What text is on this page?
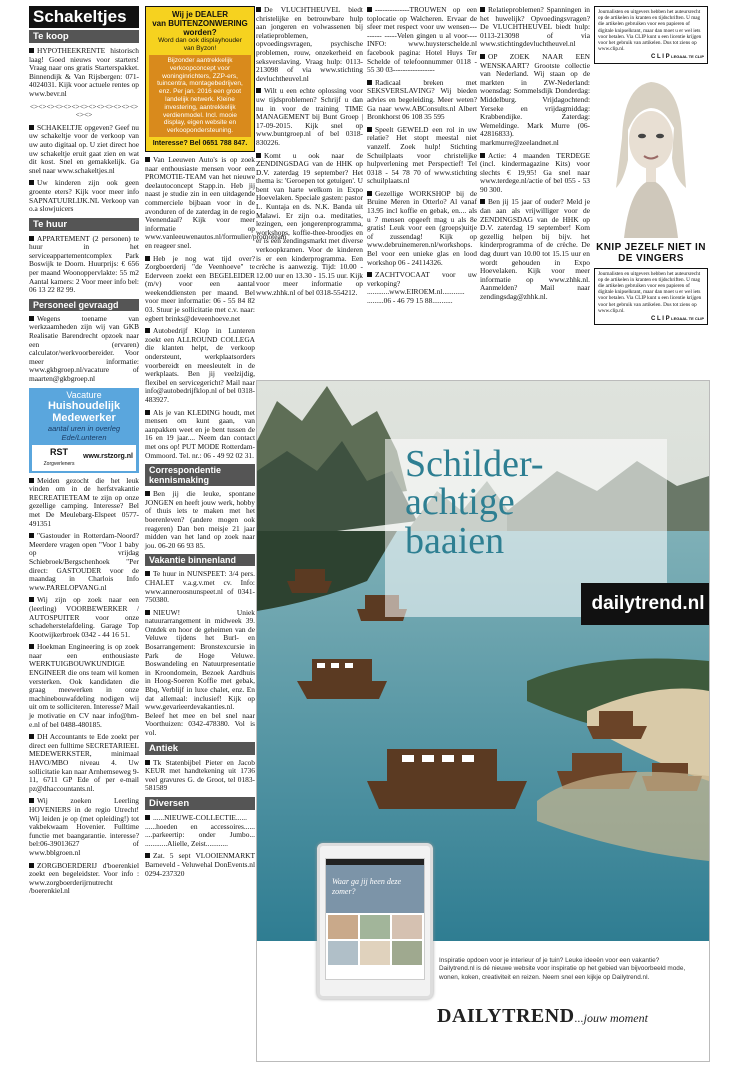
Schakeltjes
Te koop

HYPOTHEEKRENTE historisch laag! Goed nieuws voor starters! Vraag naar ons gratis Starterspakket. Binnendijk & Van Rijsbergen: 071-4024031. Kijk voor actuele rentes op www.bevr.nl

<><><><><><><><><><><><><><><>

SCHAKELTJE opgeven? Geef nu uw schakeltje voor de verkoop van uw auto digitaal op. U ziet direct hoe uw schakeltje eruit gaat zien en wat dit kost. Snel en gemakkelijk. Ga snel naar www.schakeltjes.nl

Uw kinderen zijn ook geen groente eters? Kijk voor meer info SAPNATUURLIJK.NL Verkoop van o.a slowjuicers

Te huur

APPARTEMENT (2 personen) te huur in het serviceappartementcomplex Park Boswijk te Doorn. Huurprijs: € 656 per maand Woonoppervlakte: 55 m2 Aantal kamers: 2 Voor meer info bel: 06 13 22 82 99.

Personeel gevraagd

Wegens toename van werkzaamheden zijn wij van GKB Realisatie Barendrecht opzoek naar een (ervaren) calculator/werkvoorbereider. Voor meer informatie: www.gkbgroep.nl/vacature of maarten@gkbgroep.nl

Vacature
Huishoudelijk
Medewerker
aantal uren in overleg
Ede/Lunteren
RST Zorgverleners
www.rstzorg.nl

Meiden gezocht die het leuk vinden om in de herfstvakantie RECREATIETEAM te zijn op onze gezellige camping. Interesse? Bel met De Meulebarg-Elspeet 0577-491351

"Gastouder in Rotterdam-Noord? Meerdere vragen open "Voor 1 baby op vrijdag Schiebroek/Bergschenhoek "Per direct: GASTOUDER voor de maandag in Charlois Info www.PARELOPVANG.nl

Wij zijn op zoek naar een (leerling) VOORBEWERKER / AUTOSPUITER voor onze schadeherstelafdeling. Garage Top Kootwijkerbroek 0342 - 44 16 51.

Hoekman Engineering is op zoek naar een enthousiaste WERKTUIGBOUWKUNDIGE ENGINEER die ons team wil komen versterken. Ook kandidaten die graag meewerken in onze machinebouwafdeling nodigen wij uit om te solliciteren. Interesse? Mail je motivatie en CV naar info@hm-e.nl of bel 0488-480185.

DH Accountants te Ede zoekt per direct een fulltime SECRETARIEEL MEDEWERKSTER, minimaal HAVO/MBO niveau 4. Uw sollicitatie kan naar Arnhemseweg 9-11, 6711 GP Ede of per e-mail pz@dhaccountants.nl.

Wij zoeken Leerling HOVENIERS in de regio Utrecht! Wij leiden je op (met opleiding!) tot vakbekwaam Hovenier. Fulltime functie met baangarantie. interesse? bel:06-39013627 of www.bblgroen.nl

ZORGBOERDERIJ d'boerenkiel zoekt een begeleidster. Voor info : www.zorgboerderijrnutrecht /boerenkiel.nl

Wij je DEALER
van BUITENZONWERING
worden?
Word dan ook displayhouder
van Byzon!
Bijzonder aantrekkelijk verkoopconcept voor woninginrichters, ZZP-ers, tuincentra, montagebedrijven, enz. Per jan. 2016 een groot landelijk netwerk. Kleine investering, aantrekkelijk verdienmodel. Incl. mooie display, eigen website en verkoopondersteuning.
Interesse? Bel 0651 788 847.

Van Leeuwen Auto's is op zoek naar enthousiaste mensen voor een PROMOTIE-TEAM van het nieuwe deelautoconcept Stapp.in. Heb jij naast je studie zin in een uitdagende commerciele bijbaan voor in de avonduren of de zaterdag in de regio Veenendaal? Kijk voor meer informatie op www.vanleeuwenautos.nl/formulier/promoteam en reageer snel.

Heb je nog wat tijd over? Zorgboerderij "de Veenhoeve" te Ederveen zoekt een BEGELEIDER (m/v) voor een aantal weekenddiensten per maand. Bel voor meer informatie: 06 - 55 84 82 03. Stuur je sollicitatie met c.v. naar: egbert brinks@deveenhoeve.net

Autobedrijf Klop in Lunteren zoekt een ALLROUND COLLEGA die klanten helpt, de verkoop ondersteunt, werkplaatsorders voorbereidt en meesleutelt in de werkplaats. Ben jij veelzijdig, flexibel en servicegericht? Mail naar info@autobedrijfklop.nl of bel 0318-483927.

Als je van KLEDING houdt, met mensen om kunt gaan, van aanpakken weet en je bent tussen de 16 en 19 jaar.... Neem dan contact met ons op! PUT MODE Rotterdam-Ommoord. Tel. nr.: 06 - 49 92 02 31.

Correspondentie kennismaking

Ben jij die leuke, spontane JONGEN en heeft jouw werk, hobby of thuis iets te maken met het boerenleven? (andere mogen ook reageren) Dan ben meisje 21 jaar midden van het land op zoek naar jou. 06-20 66 93 85.

Vakantie binnenland

Te huur in NUNSPEET: 3/4 pers. CHALET v.a.g.v.met cv. Info: www.anneroosnunspeet.nl of 0341-750380.

NIEUW! Uniek natuurarrangement in midweek 39. Ontdek en hoor de geheimen van de Veluwe tijdens het Burl- en Bosarrangement: Bronstexcursie in Park de Hoge Veluwe. Boswandeling en Natuurpresentatie in Kroondomein, Bezoek Aardhuis in Hoog-Soeren Koffie met gebak, Bbq, Verblijf in luxe chalet, enz. En dat allemaal: inclusief! Kijk op www.gevarieerdevakanties.nl. Beleef het mee en bel snel naar Voorthuizen: 0342-478380. Vol is vol.

Antiek

Tk Statenbijbel Pieter en Jacob KEUR met handtekening uit 1736 veel gravures G. de Groot, tel 0183-581589

Diversen

......NIEUWE-COLLECTIE...... ......hoeden en accessoires...... ....parkeertip: onder Jumbo... ............Alielle, Zeist............

Zat. 5 sept VLOOIENMARKT Barneveld - Veluwehal DonEvents.nl 0294-237320

De VLUCHTHEUVEL biedt christelijke en betrouwbare hulp aan jongeren en volwassenen bij relatieproblemen, opvoedingsvragen, psychische problemen, rouw, onzekerheid en seksverslaving. Vraag hulp: 0113-213098 of via www.stichting devluchtheuvel.nl

Wilt u een echte oplossing voor uw tijdsproblemen? Schrijf u dan nu in voor de training TIME MANAGEMENT bij Bunt Groep | 17-09-2015. Kijk snel op www.buntgroep.nl of bel 0318-830226.

Komt u ook naar de ZENDINGSDAG van de HHK op D.V. zaterdag 19 september? Het thema is: 'Geroepen tot getuigen'. U bent van harte welkom in Expo Hoevelaken. Speciale gasten: pastor L. Kuntaja en ds. N.K. Banda uit Malawi. Er zijn o.a. meditaties, lezingen, een jongerenprogramma, workshops, koffie-thee-broodjes en er is een zendingsmarkt met diverse verkoopkramen. Voor de kinderen is er een kinderprogramma. Een crèche is aanwezig. Tijd: 10.00 - 12.00 uur en 13.30 - 15.15 uur. Kijk voor meer informatie op www.zhhk.nl of bel 0318-554212.

--------------TROUWEN op een toplocatie op Walcheren. Ervaar de sfeer met respect voor uw wensen--------- -----Velen gingen u al voor---- INFO: www.huysterschelde.nl facebook pagina: Hotel Huys Ter Schelde of telefoonnummer 0118 - 55 30 03-----------------

Radicaal breken met SEKSVERSLAVING? Wij bieden advies en begeleiding. Meer weten? Ga naar www.ABConsults.nl Albert Bronkhorst 06 108 35 595

Speelt GEWELD een rol in uw relatie? Het stopt meestal niet vanzelf. Zoek hulp! Stichting Schuilplaats voor christelijke hulpverlening met Perspectief! Tel 0318 - 54 78 70 of www.stichting schuilplaats.nl

Gezellige WORKSHOP bij de Bruine Meren in Otterlo? Al vanaf 13.95 incl koffie en gebak, en.... als u 7 mensen opgeeft mag u als 8e gratis! Leuk voor een (groeps)uitje of zussendag! Kijk op www.debruinemeren.nl/workshops. Bel voor een unieke glas en lood workshop 06 - 24114326.

ZACHTVOCAAT voor uw verkoping? ............www.EIROEM.nl............ .........06 - 46 79 15 88...........

Relatieproblemen? Spanningen in het huwelijk? Opvoedingsvragen? De VLUCHTHEUVEL biedt hulp: 0113-213098 of via www.stichtingdevluchtheuvel.nl

OP ZOEK NAAR EEN WENSKAART? Grootste collectie van Nederland. Wij staan op de markten in ZW-Nederland: woensdag: Sommelsdijk Donderdag: Middelburg. Vrijdagochtend: Yerseke en vrijdagmiddag: Krabbendijke. Zaterdag: Wemeldinge. Mark Murre (06-42816833). markmurre@zeelandnet.nl

Actie: 4 maanden TERDEGE (incl. kindermagazine Kits) voor slechts € 19,95! Ga snel naar www.terdege.nl/actie of bel 055 - 53 90 300.

Ben jij 15 jaar of ouder? Meld je dan aan als vrijwilliger voor de ZENDINGSDAG van de HHK op D.V. zaterdag 19 september! Kom gezellig helpen bij bijv. het kinderprogramma of de crèche. De dag duurt van 10.00 tot 15.15 uur en wordt gehouden in Expo Hoevelaken. Kijk voor meer informatie op www.zhhk.nl. Aanmelden? Mail naar zendingsdag@zhhk.nl.

Journalisten en uitgevers hebben het auteursrecht op de artikelen in kranten en tijdschriften. U mag die artikelen gebruiken voor een papieren of digitale knipselkrant, maar dan moet u er wel iets voor betalen. Via CLIP kunt u een licentie krijgen voor het gebruik van artikelen. Dus tot ziens op www.clip.nl.
C L I P LEGAAL TE CLIP
KNIP JEZELF NIET IN DE VINGERS
Journalisten en uitgevers hebben het auteursrecht op de artikelen in kranten en tijdschriften. U mag die artikelen gebruiken voor een papieren of digitale knipselkrant, maar dan moet u er wel iets voor betalen. Via CLIP kunt u een licentie krijgen voor het gebruik van artikelen. Dus tot ziens op www.clip.nl.
C L I P LEGAAL TE CLIP
Schilder-
achtige
baaien
dailytrend.nl
Waar ga jij heen deze zomer?
Inspiratie opdoen voor je interieur of je tuin? Leuke ideeën voor een vakantie? Dailytrend.nl is dé nieuwe website voor inspiratie op het gebied van bijvoorbeeld mode, wonen, koken, creativiteit en reizen. Neem snel een kijkje op Dailytrend.nl.
DAILYTREND...jouw moment
